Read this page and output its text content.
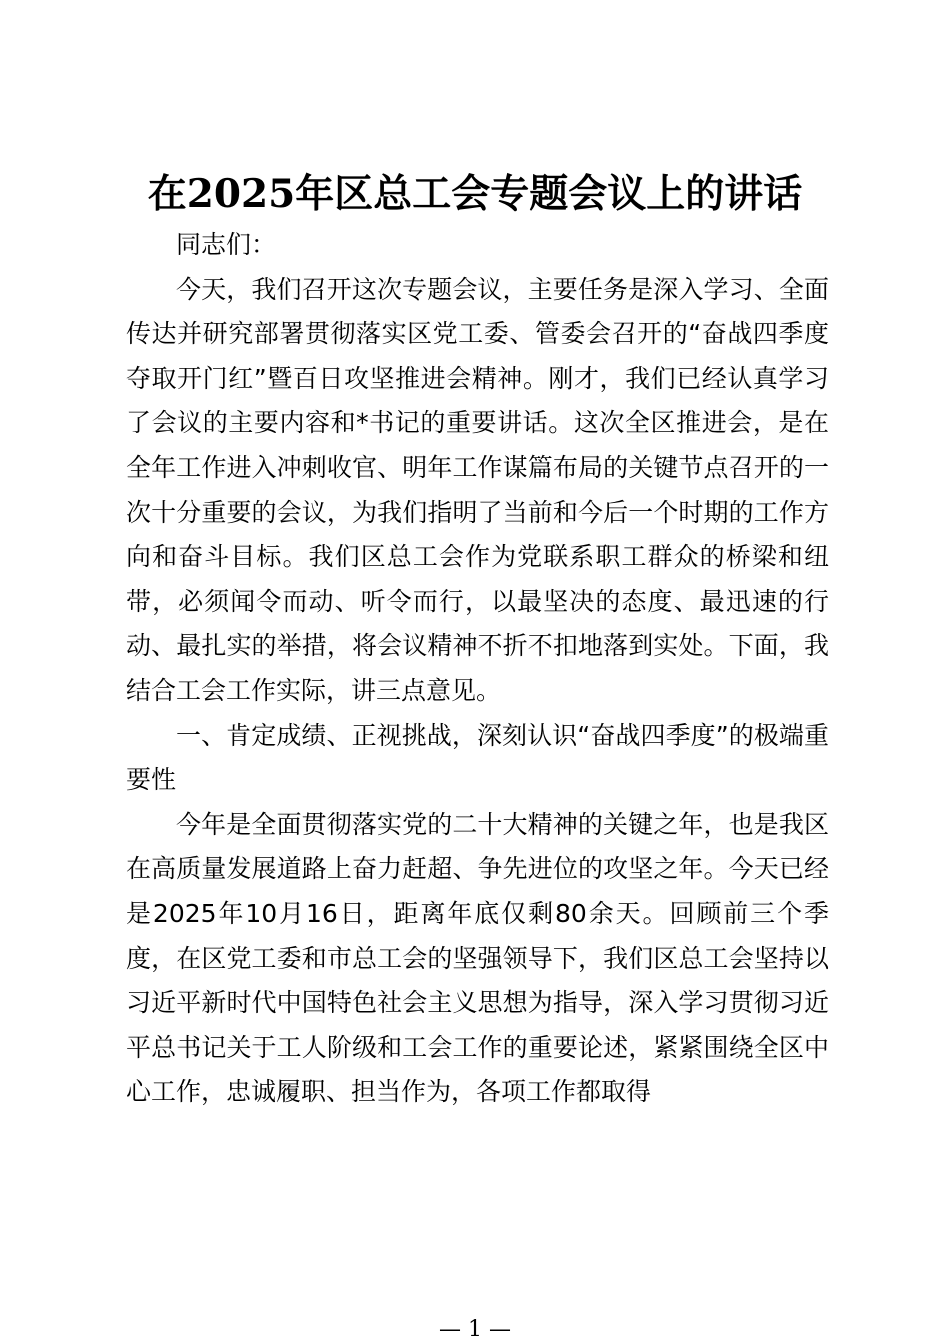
在2025年区总工会专题会议上的讲话

同志们：

今天，我们召开这次专题会议，主要任务是深入学习、全面传达并研究部署贯彻落实区党工委、管委会召开的“奋战四季度夺取开门红”暨百日攻坚推进会精神。刚才，我们已经认真学习了会议的主要内容和*书记的重要讲话。这次全区推进会，是在全年工作进入冲刺收官、明年工作谋篇布局的关键节点召开的一次十分重要的会议，为我们指明了当前和今后一个时期的工作方向和奋斗目标。我们区总工会作为党联系职工群众的桥梁和纽带，必须闻令而动、听令而行，以最坚决的态度、最迅速的行动、最扎实的举措，将会议精神不折不扣地落到实处。下面，我结合工会工作实际，讲三点意见。

一、肯定成绩、正视挑战，深刻认识“奋战四季度”的极端重要性

今年是全面贯彻落实党的二十大精神的关键之年，也是我区在高质量发展道路上奋力赶超、争先进位的攻坚之年。今天已经是2025年10月16日，距离年底仅剩80余天。回顾前三个季度，在区党工委和市总工会的坚强领导下，我们区总工会坚持以习近平新时代中国特色社会主义思想为指导，深入学习贯彻习近平总书记关于工人阶级和工会工作的重要论述，紧紧围绕全区中心工作，忠诚履职、担当作为，各项工作都取得

— 1 —
